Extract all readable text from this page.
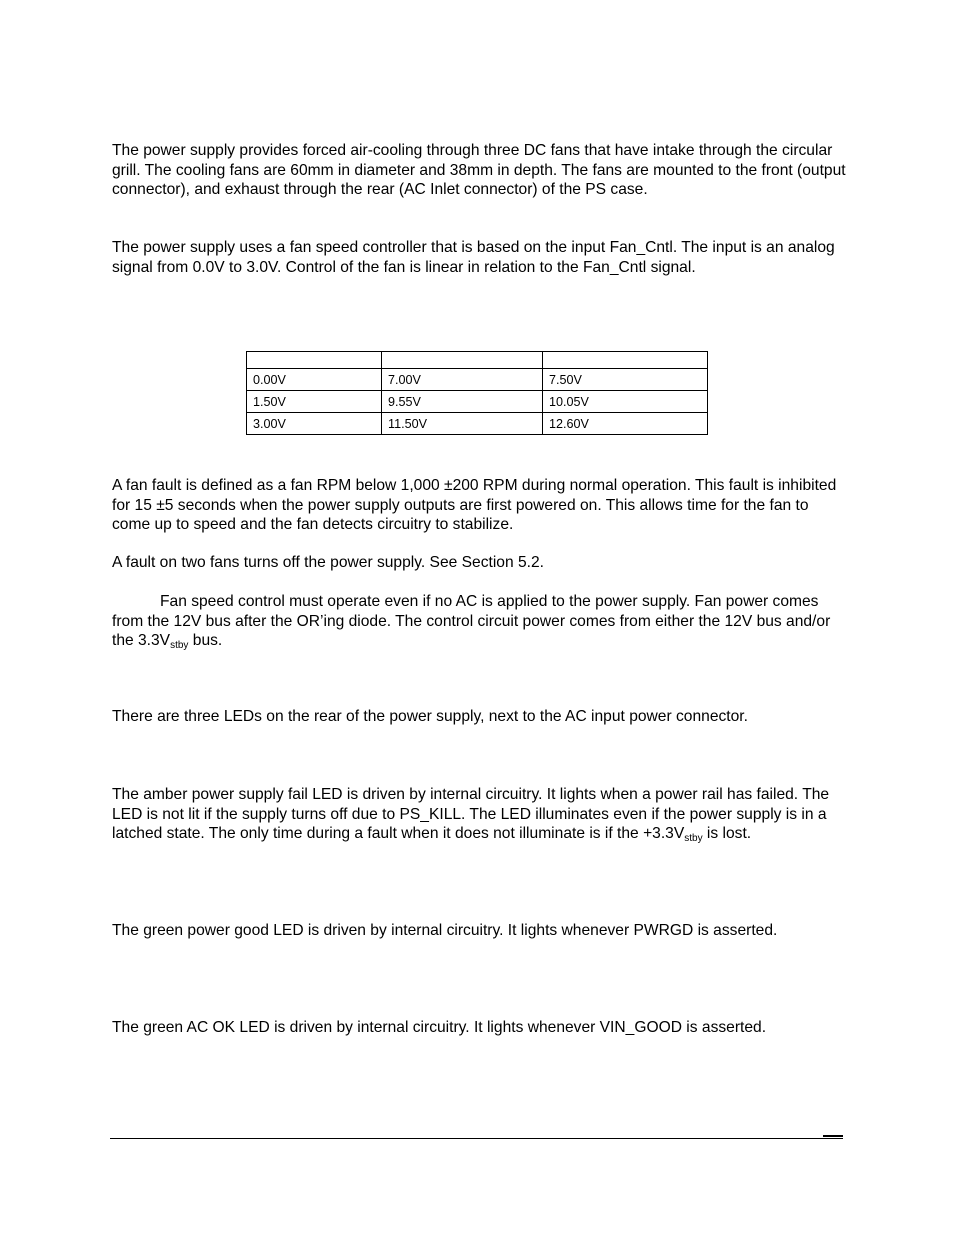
The power supply provides forced air-cooling through three DC fans that have intake through the circular grill. The cooling fans are 60mm in diameter and 38mm in depth. The fans are mounted to the front (output connector), and exhaust through the rear (AC Inlet connector) of the PS case.

The power supply uses a fan speed controller that is based on the input Fan_Cntl. The input is an analog signal from 0.0V to 3.0V. Control of the fan is linear in relation to the Fan_Cntl signal.

0.00V	7.00V	7.50V
1.50V	9.55V	10.05V
3.00V	11.50V	12.60V

A fan fault is defined as a fan RPM below 1,000 ±200 RPM during normal operation. This fault is inhibited for 15 ±5 seconds when the power supply outputs are first powered on. This allows time for the fan to come up to speed and the fan detects circuitry to stabilize.

A fault on two fans turns off the power supply. See Section 5.2.

Fan speed control must operate even if no AC is applied to the power supply. Fan power comes from the 12V bus after the OR’ing diode. The control circuit power comes from either the 12V bus and/or the $3.3V_{stby}$ bus.

There are three LEDs on the rear of the power supply, next to the AC input power connector.

The amber power supply fail LED is driven by internal circuitry. It lights when a power rail has failed. The LED is not lit if the supply turns off due to PS_KILL. The LED illuminates even if the power supply is in a latched state. The only time during a fault when it does not illuminate is if the $+3.3V_{stby}$ is lost.

The green power good LED is driven by internal circuitry. It lights whenever PWRGD is asserted.

The green AC OK LED is driven by internal circuitry. It lights whenever VIN_GOOD is asserted.
